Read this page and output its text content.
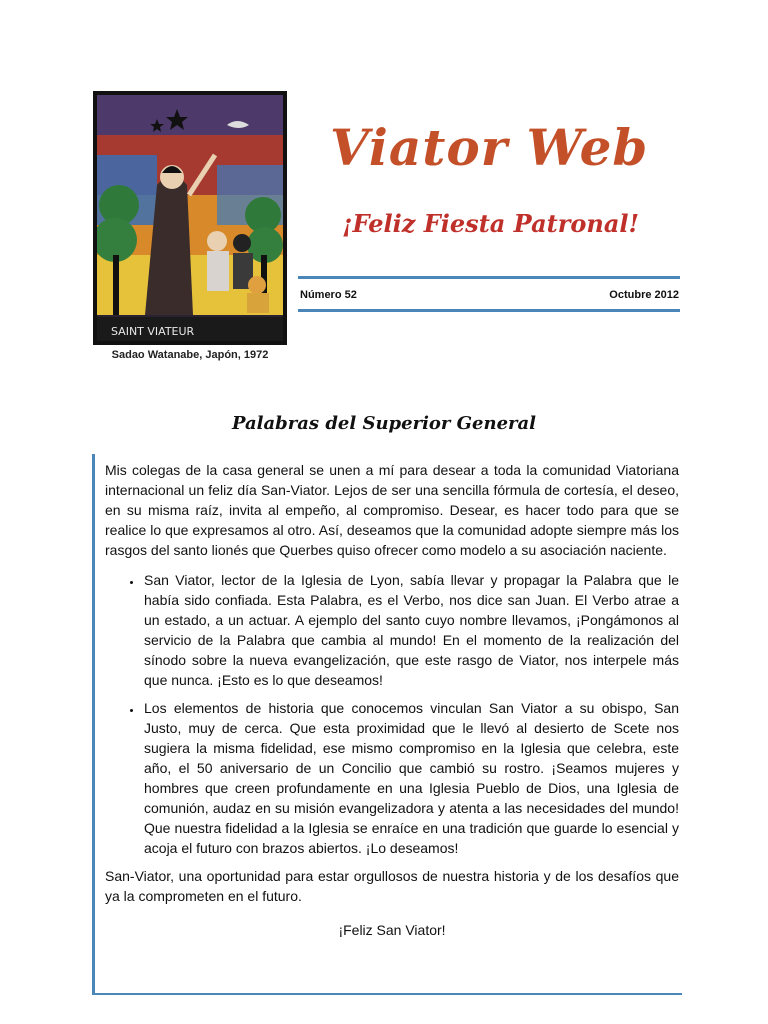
SAINT VIATEUR
Sadao Watanabe, Japón, 1972
Viator Web
¡Feliz Fiesta Patronal!
Número 52	Octubre 2012
Palabras del Superior General

Mis colegas de la casa general se unen a mí para desear a toda la comunidad Viatoriana internacional un feliz día San-Viator. Lejos de ser una sencilla fórmula de cortesía, el deseo, en su misma raíz, invita al empeño, al compromiso. Desear, es hacer todo para que se realice lo que expresamos al otro. Así, deseamos que la comunidad adopte siempre más los rasgos del santo lionés que Querbes quiso ofrecer como modelo a su asociación naciente.

• San Viator, lector de la Iglesia de Lyon, sabía llevar y propagar la Palabra que le había sido confiada. Esta Palabra, es el Verbo, nos dice san Juan. El Verbo atrae a un estado, a un actuar. A ejemplo del santo cuyo nombre llevamos, ¡Pongámonos al servicio de la Palabra que cambia al mundo! En el momento de la realización del sínodo sobre la nueva evangelización, que este rasgo de Viator, nos interpele más que nunca. ¡Esto es lo que deseamos!
• Los elementos de historia que conocemos vinculan San Viator a su obispo, San Justo, muy de cerca. Que esta proximidad que le llevó al desierto de Scete nos sugiera la misma fidelidad, ese mismo compromiso en la Iglesia que celebra, este año, el 50 aniversario de un Concilio que cambió su rostro. ¡Seamos mujeres y hombres que creen profundamente en una Iglesia Pueblo de Dios, una Iglesia de comunión, audaz en su misión evangelizadora y atenta a las necesidades del mundo! Que nuestra fidelidad a la Iglesia se enraíce en una tradición que guarde lo esencial y acoja el futuro con brazos abiertos. ¡Lo deseamos!

San-Viator, una oportunidad para estar orgullosos de nuestra historia y de los desafíos que ya la comprometen en el futuro.

¡Feliz San Viator!
